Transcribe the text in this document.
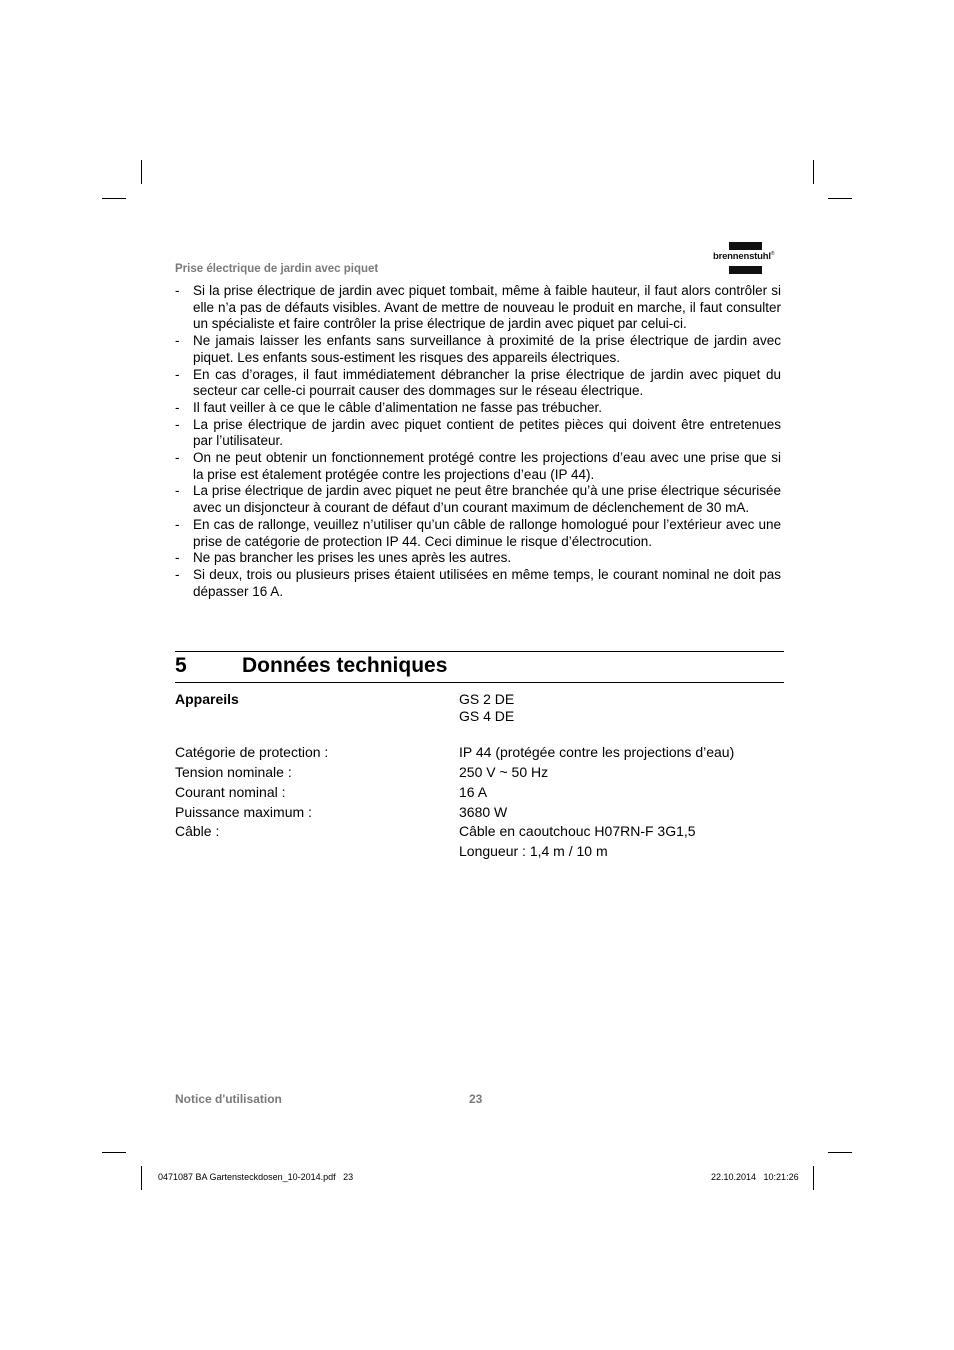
Prise électrique de jardin avec piquet
brennenstuhl®
- Si la prise électrique de jardin avec piquet tombait, même à faible hauteur, il faut alors contrôler si elle n’a pas de défauts visibles. Avant de mettre de nouveau le produit en marche, il faut consulter un spécialiste et faire contrôler la prise électrique de jardin avec piquet par celui-ci.
- Ne jamais laisser les enfants sans surveillance à proximité de la prise électrique de jardin avec piquet. Les enfants sous-estiment les risques des appareils électriques.
- En cas d’orages, il faut immédiatement débrancher la prise électrique de jardin avec piquet du secteur car celle-ci pourrait causer des dommages sur le réseau électrique.
- Il faut veiller à ce que le câble d’alimentation ne fasse pas trébucher.
- La prise électrique de jardin avec piquet contient de petites pièces qui doivent être entretenues par l’utilisateur.
- On ne peut obtenir un fonctionnement protégé contre les projections d’eau avec une prise que si la prise est étalement protégée contre les projections d’eau (IP 44).
- La prise électrique de jardin avec piquet ne peut être branchée qu’à une prise électrique sécurisée avec un disjoncteur à courant de défaut d’un courant maximum de déclenchement de 30 mA.
- En cas de rallonge, veuillez n’utiliser qu’un câble de rallonge homologué pour l’extérieur avec une prise de catégorie de protection IP 44. Ceci diminue le risque d’électrocution.
- Ne pas brancher les prises les unes après les autres.
- Si deux, trois ou plusieurs prises étaient utilisées en même temps, le courant nominal ne doit pas dépasser 16 A.
5	Données techniques
Appareils	GS 2 DE
GS 4 DE
Catégorie de protection :	IP 44 (protégée contre les projections d’eau)
Tension nominale :	250 V ~ 50 Hz
Courant nominal :	16 A
Puissance maximum :	3680 W
Câble :	Câble en caoutchouc H07RN-F 3G1,5
Longueur : 1,4 m / 10 m
Notice d'utilisation	23
0471087 BA Gartensteckdosen_10-2014.pdf   23	22.10.2014   10:21:26
